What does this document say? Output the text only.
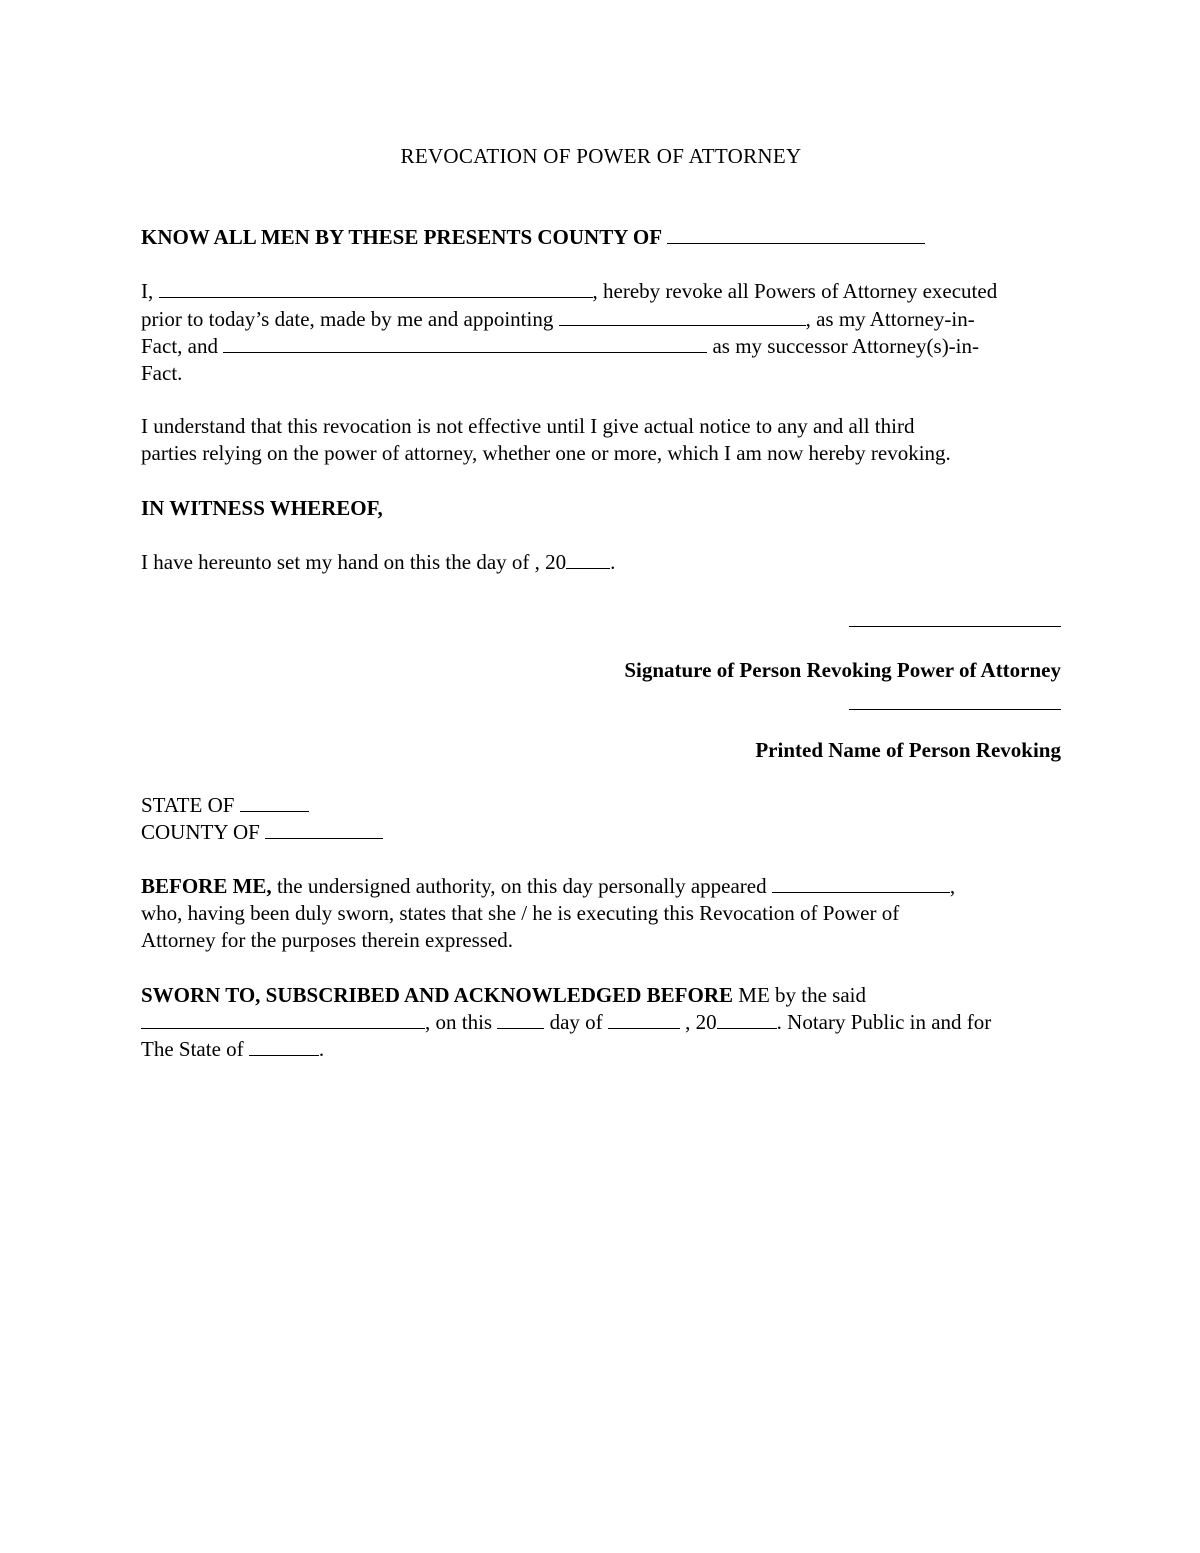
REVOCATION OF POWER OF ATTORNEY
KNOW ALL MEN BY THESE PRESENTS COUNTY OF
I,	, hereby revoke all Powers of Attorney executed
prior to today’s date, made by me and appointing	, as my Attorney-in-
Fact, and	as my successor Attorney(s)-in-
Fact.
I understand that this revocation is not effective until I give actual notice to any and all third
parties relying on the power of attorney, whether one or more, which I am now hereby revoking.
IN WITNESS WHEREOF,
I have hereunto set my hand on this the day of , 20 .
Signature of Person Revoking Power of Attorney
Printed Name of Person Revoking
STATE OF
COUNTY OF
BEFORE ME, the undersigned authority, on this day personally appeared	,
who, having been duly sworn, states that she / he is executing this Revocation of Power of
Attorney for the purposes therein expressed.
SWORN TO, SUBSCRIBED AND ACKNOWLEDGED BEFORE ME by the said
, on this	day of	, 20	. Notary Public in and for
The State of	.
